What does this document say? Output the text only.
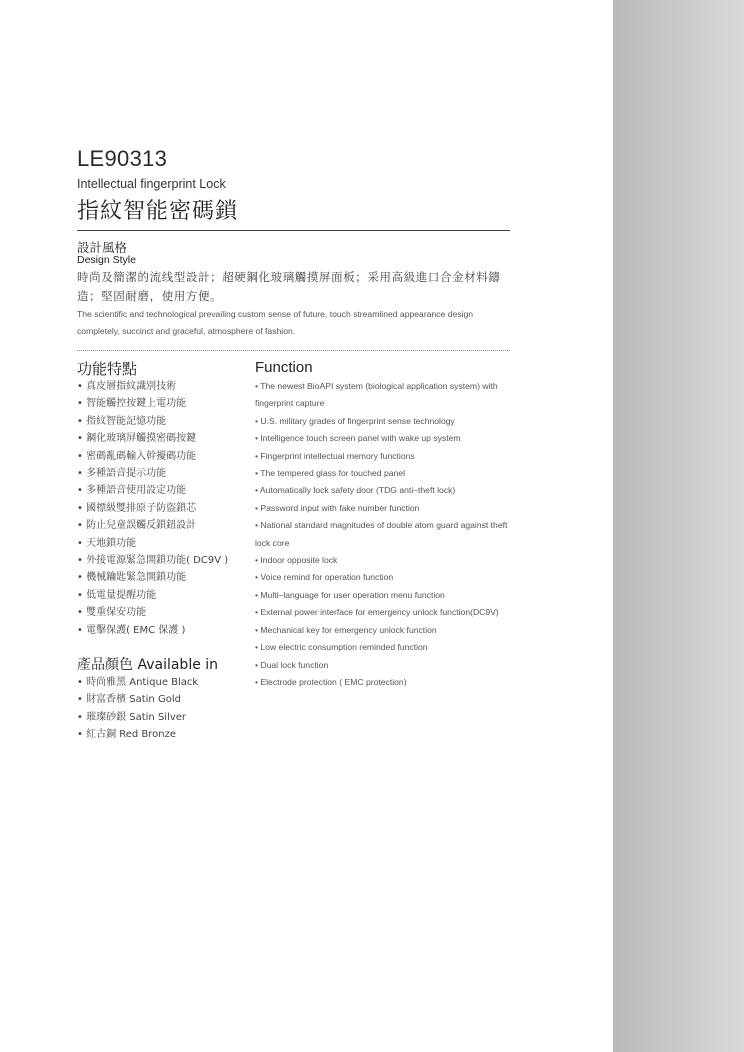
LE90313
Intellectual fingerprint Lock
指紋智能密碼鎖
設計風格
Design Style
時尚及簡潔的流线型設計；超硬鋼化玻璃觸摸屏面板；采用高級進口合金材料鑄造；堅固耐磨，使用方便。
The scientific and technological prevailing custom sense of future, touch streamlined appearance design completely, succinct and graceful, atmosphere of fashion.
功能特點	Function
• 真皮層指紋識別技術
• 智能觸控按鍵上電功能
• 指紋智能記憶功能
• 鋼化玻璃屏觸摸密碼按鍵
• 密碼亂碼輸入幹擾碼功能
• 多種語音提示功能
• 多種語音使用設定功能
• 國標級雙排原子防盜鎖芯
• 防止兒童誤觸反鎖鈕設計
• 天地鎖功能
• 外接電源緊急開鎖功能( DC9V )
• 機械鑰匙緊急開鎖功能
• 低電量提醒功能
• 雙重保安功能
• 電擊保護( EMC 保護 )
• The newest BioAPI system (biological application system) with fingerprint capture
• U.S. military grades of fingerprint sense technology
• Intelligence touch screen panel with wake up system
• Fingerprint intellectual memory functions
• The tempered glass for touched panel
• Automatically lock safety door (TDG anti–theft lock)
• Password input with fake number function
• National standard magnitudes of double atom guard against theft lock core
• Indoor opposite lock
• Voice remind for operation function
• Multi–language for user operation menu function
• External power interface for emergency unlock function(DC9V)
• Mechanical key for emergency unlock function
• Low electric consumption reminded function
• Dual lock function
• Electrode protection ( EMC protection)
產品顏色 Available in
• 時尚雅黑 Antique Black
• 財富香檳 Satin Gold
• 璀璨砂銀 Satin Silver
• 紅古銅 Red Bronze
